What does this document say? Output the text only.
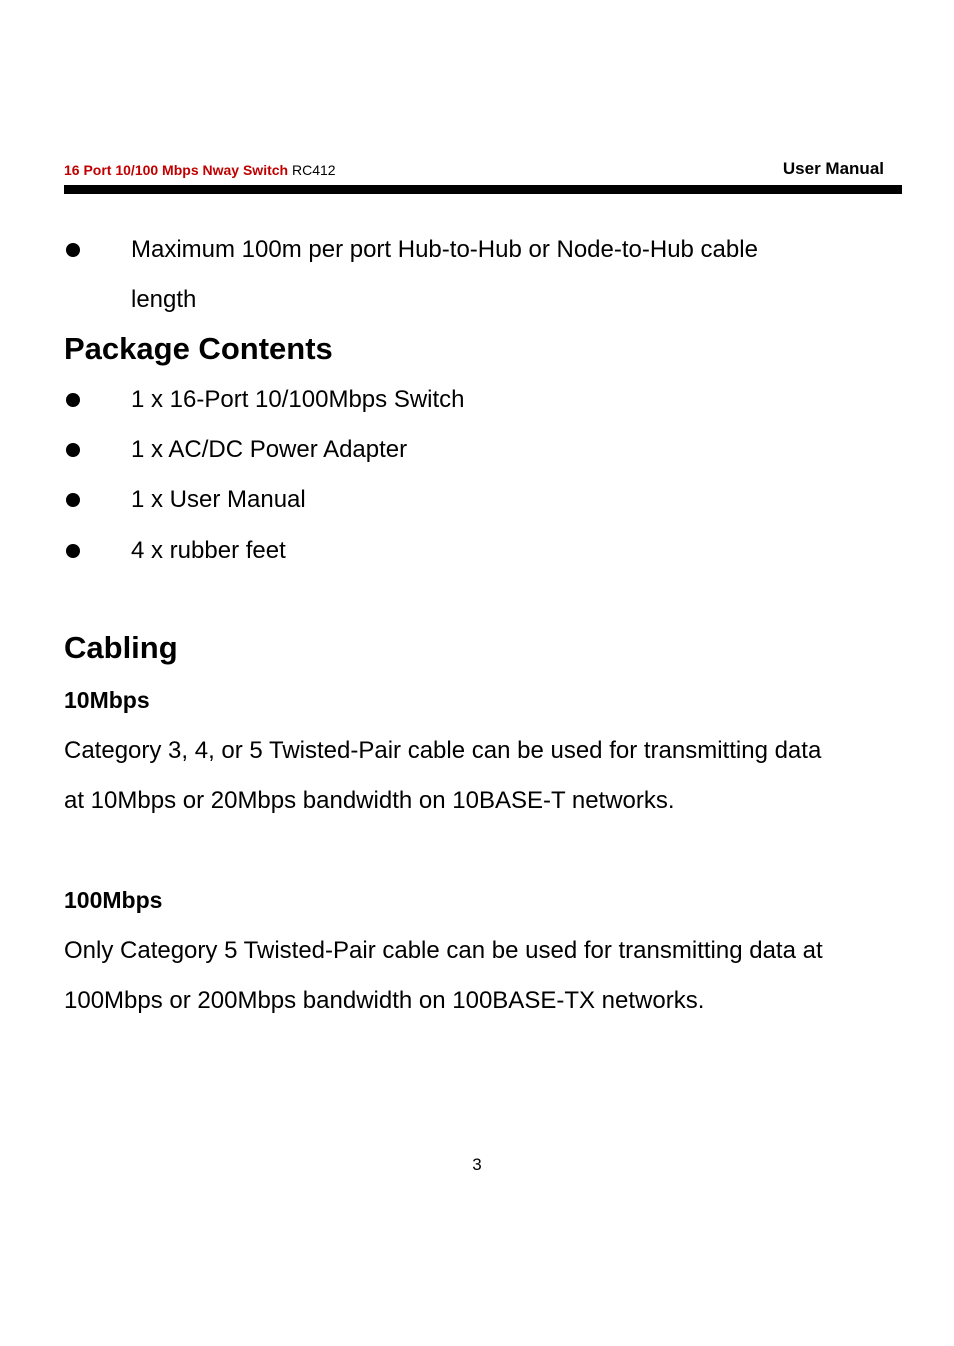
16 Port 10/100 Mbps Nway Switch RC412	User Manual
Maximum 100m per port Hub-to-Hub or Node-to-Hub cable
length
Package Contents
1 x 16-Port 10/100Mbps Switch
1 x AC/DC Power Adapter
1 x User Manual
4 x rubber feet
Cabling
10Mbps
Category 3, 4, or 5 Twisted-Pair cable can be used for transmitting data
at 10Mbps or 20Mbps bandwidth on 10BASE-T networks.
100Mbps
Only Category 5 Twisted-Pair cable can be used for transmitting data at
100Mbps or 200Mbps bandwidth on 100BASE-TX networks.
3
